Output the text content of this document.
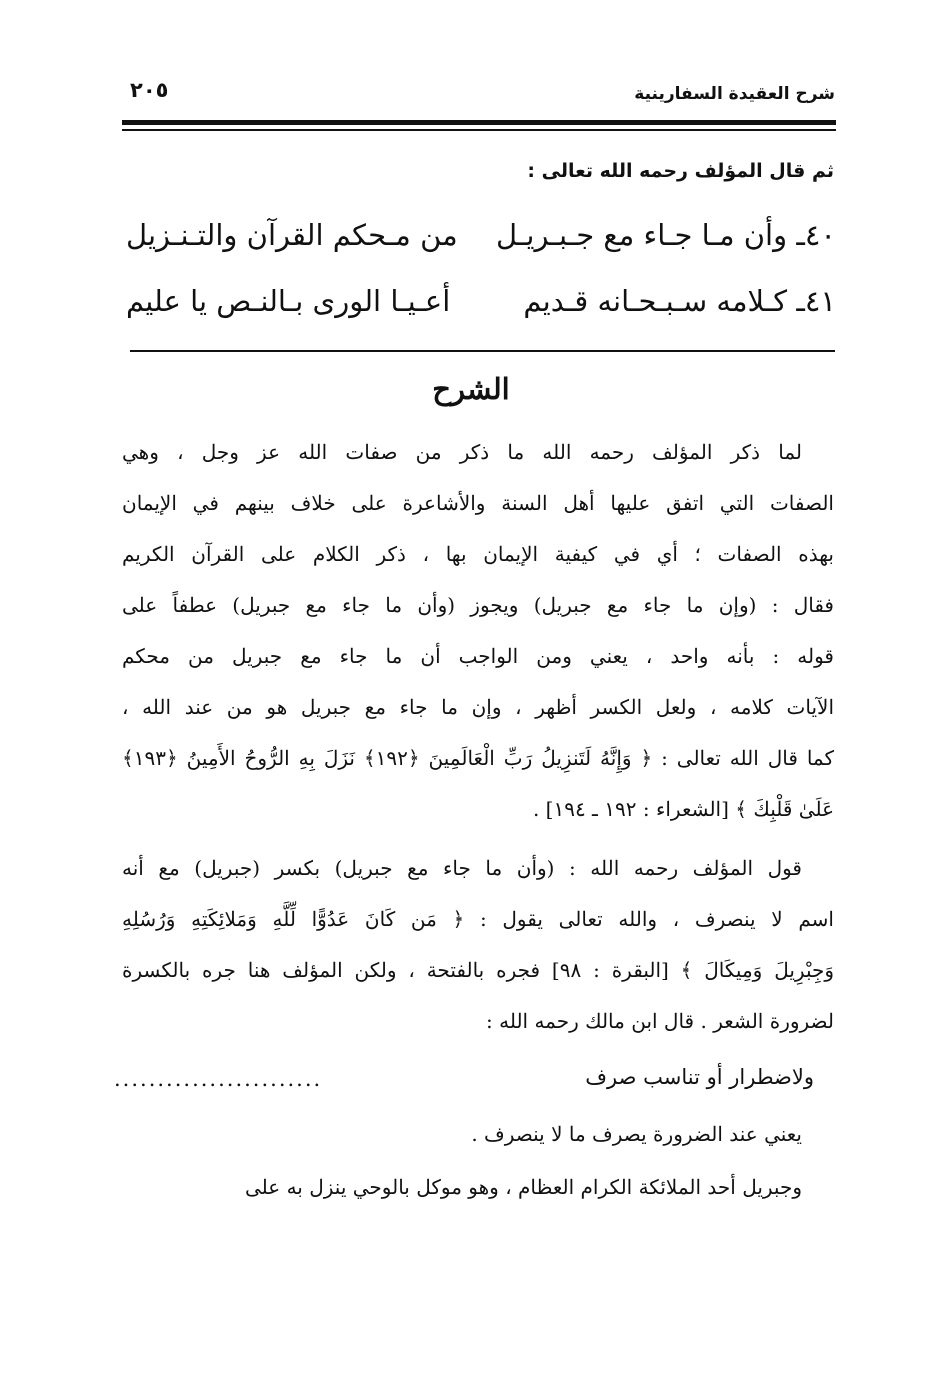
شرح العقيدة السفارينية
٢٠٥
ثم قال المؤلف رحمه الله تعالى :
٤٠ـ وأن مـا جـاء مع جـبـريـل
من مـحكم القرآن والتـنـزيل
٤١ـ كـلامه سـبـحـانه قـديم
أعـيـا الورى بـالنـص يا عليم
الشرح
لما ذكر المؤلف رحمه الله ما ذكر من صفات الله عز وجل ، وهي
الصفات التي اتفق عليها أهل السنة والأشاعرة على خلاف بينهم في الإيمان
بهذه الصفات ؛ أي في كيفية الإيمان بها ، ذكر الكلام على القرآن الكريم
فقال : (وإن ما جاء مع جبريل) ويجوز (وأن ما جاء مع جبريل) عطفاً على
قوله : بأنه واحد ، يعني ومن الواجب أن ما جاء مع جبريل من محكم
الآيات كلامه ، ولعل الكسر أظهر ، وإن ما جاء مع جبريل هو من عند الله ،
كما قال الله تعالى : ﴿ وَإِنَّهُ لَتَنزِيلُ رَبِّ الْعَالَمِينَ ﴿١٩٢﴾ نَزَلَ بِهِ الرُّوحُ الأَمِينُ ﴿١٩٣﴾
عَلَىٰ قَلْبِكَ ﴾ [الشعراء : ١٩٢ ـ ١٩٤] .
قول المؤلف رحمه الله : (وأن ما جاء مع جبريل) بكسر (جبريل) مع أنه
اسم لا ينصرف ، والله تعالى يقول : ﴿ مَن كَانَ عَدُوًّا لِّلَّهِ وَمَلائِكَتِهِ وَرُسُلِهِ
وَجِبْرِيلَ وَمِيكَالَ ﴾ [البقرة : ٩٨] فجره بالفتحة ، ولكن المؤلف هنا جره بالكسرة
لضرورة الشعر . قال ابن مالك رحمه الله :
ولاضطرار أو تناسب صرف
........................
يعني عند الضرورة يصرف ما لا ينصرف .
وجبريل أحد الملائكة الكرام العظام ، وهو موكل بالوحي ينزل به على
